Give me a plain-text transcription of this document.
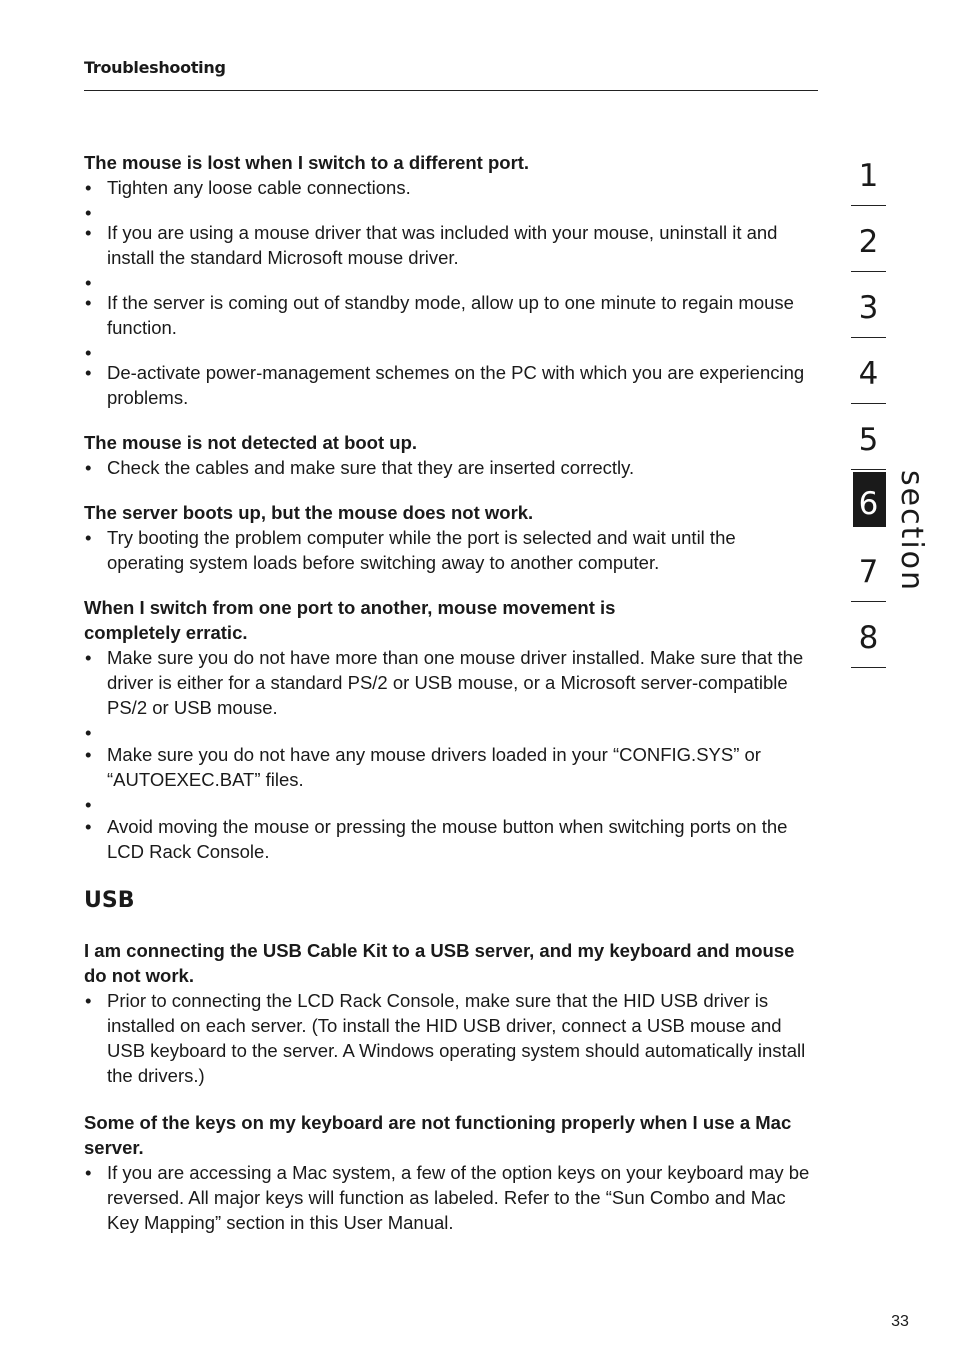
Troubleshooting

The mouse is lost when I switch to a different port.

• Tighten any loose cable connections.
•
• If you are using a mouse driver that was included with your mouse, uninstall it and install the standard Microsoft mouse driver.
•
• If the server is coming out of standby mode, allow up to one minute to regain mouse function.
•
• De-activate power-management schemes on the PC with which you are experiencing problems.

The mouse is not detected at boot up.

• Check the cables and make sure that they are inserted correctly.

The server boots up, but the mouse does not work.

• Try booting the problem computer while the port is selected and wait until the operating system loads before switching away to another computer.

When I switch from one port to another, mouse movement is

completely erratic.

• Make sure you do not have more than one mouse driver installed. Make sure that the driver is either for a standard PS/2 or USB mouse, or a Microsoft server-compatible PS/2 or USB mouse.
•
• Make sure you do not have any mouse drivers loaded in your “CONFIG.SYS” or “AUTOEXEC.BAT” files.
•
• Avoid moving the mouse or pressing the mouse button when switching ports on the LCD Rack Console.

USB

I am connecting the USB Cable Kit to a USB server, and my keyboard and mouse do not work.

• Prior to connecting the LCD Rack Console, make sure that the HID USB driver is installed on each server. (To install the HID USB driver, connect a USB mouse and USB keyboard to the server. A Windows operating system should automatically install the drivers.)

Some of the keys on my keyboard are not functioning properly when I use a Mac server.

• If you are accessing a Mac system, a few of the option keys on your keyboard may be reversed. All major keys will function as labeled. Refer to the “Sun Combo and Mac Key Mapping” section in this User Manual.
1
2
3
4
5
6
7
8
section
33
